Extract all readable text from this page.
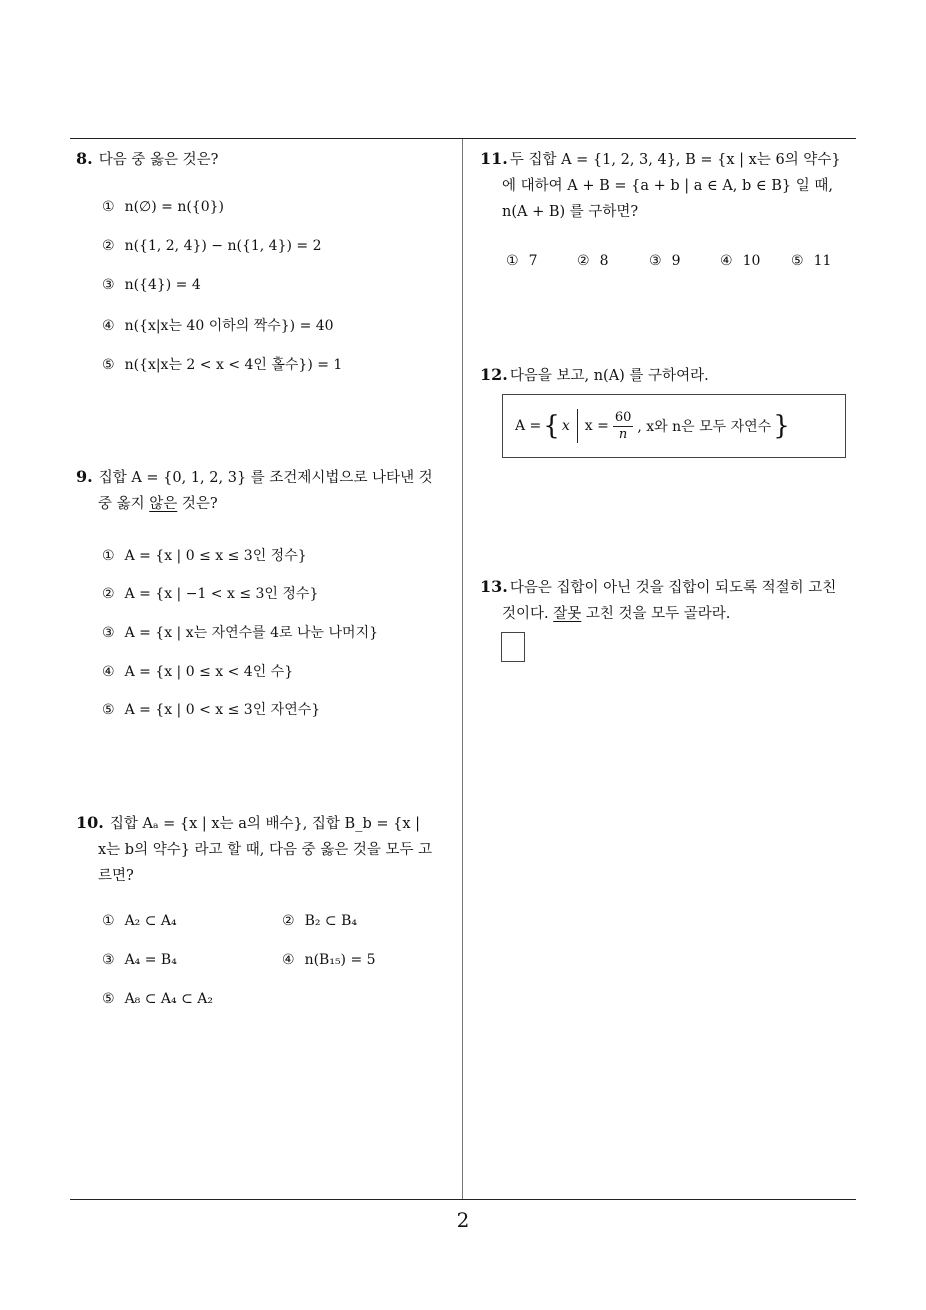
8. 다음 중 옳은 것은?
① n(∅) = n({0})
② n({1, 2, 4}) − n({1, 4}) = 2
③ n({4}) = 4
④ n({x|x는 40 이하의 짝수}) = 40
⑤ n({x|x는 2 < x < 4인 홀수}) = 1
9. 집합 A = {0, 1, 2, 3} 를 조건제시법으로 나타낸 것
중 옳지 않은 것은?
① A = {x | 0 ≤ x ≤ 3인 정수}
② A = {x | −1 < x ≤ 3인 정수}
③ A = {x | x는 자연수를 4로 나눈 나머지}
④ A = {x | 0 ≤ x < 4인 수}
⑤ A = {x | 0 < x ≤ 3인 자연수}
10. 집합 Aₐ = {x | x는 a의 배수}, 집합 B_b = {x |
x는 b의 약수} 라고 할 때, 다음 중 옳은 것을 모두 고
르면?
① A₂ ⊂ A₄	② B₂ ⊂ B₄
③ A₄ = B₄	④ n(B₁₅) = 5
⑤ A₈ ⊂ A₄ ⊂ A₂
11. 두 집합 A = {1, 2, 3, 4}, B = {x | x는 6의 약수}
에 대하여 A + B = {a + b | a ∈ A, b ∈ B} 일 때,
n(A + B) 를 구하면?
① 7	② 8	③ 9	④ 10 ⑤ 11
12. 다음을 보고, n(A) 를 구하여라.
A = { x $x = \frac{60}{n}$ , x와 n은 모두 자연수 }
13. 다음은 집합이 아닌 것을 집합이 되도록 적절히 고친
것이다. 잘못 고친 것을 모두 골라라.
2
